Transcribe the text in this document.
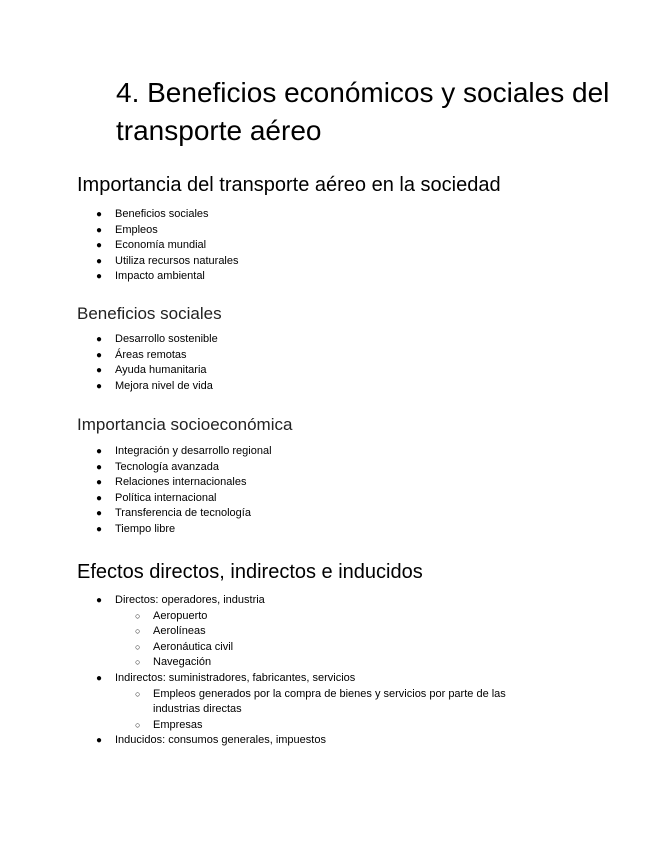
4. Beneficios económicos y sociales del transporte aéreo
Importancia del transporte aéreo en la sociedad
● Beneficios sociales
● Empleos
● Economía mundial
● Utiliza recursos naturales
● Impacto ambiental
Beneficios sociales
● Desarrollo sostenible
● Áreas remotas
● Ayuda humanitaria
● Mejora nivel de vida
Importancia socioeconómica
● Integración y desarrollo regional
● Tecnología avanzada
● Relaciones internacionales
● Política internacional
● Transferencia de tecnología
● Tiempo libre
Efectos directos, indirectos e inducidos
● Directos: operadores, industria
○ Aeropuerto
○ Aerolíneas
○ Aeronáutica civil
○ Navegación
● Indirectos: suministradores, fabricantes, servicios
○ Empleos generados por la compra de bienes y servicios por parte de las industrias directas
○ Empresas
● Inducidos: consumos generales, impuestos
